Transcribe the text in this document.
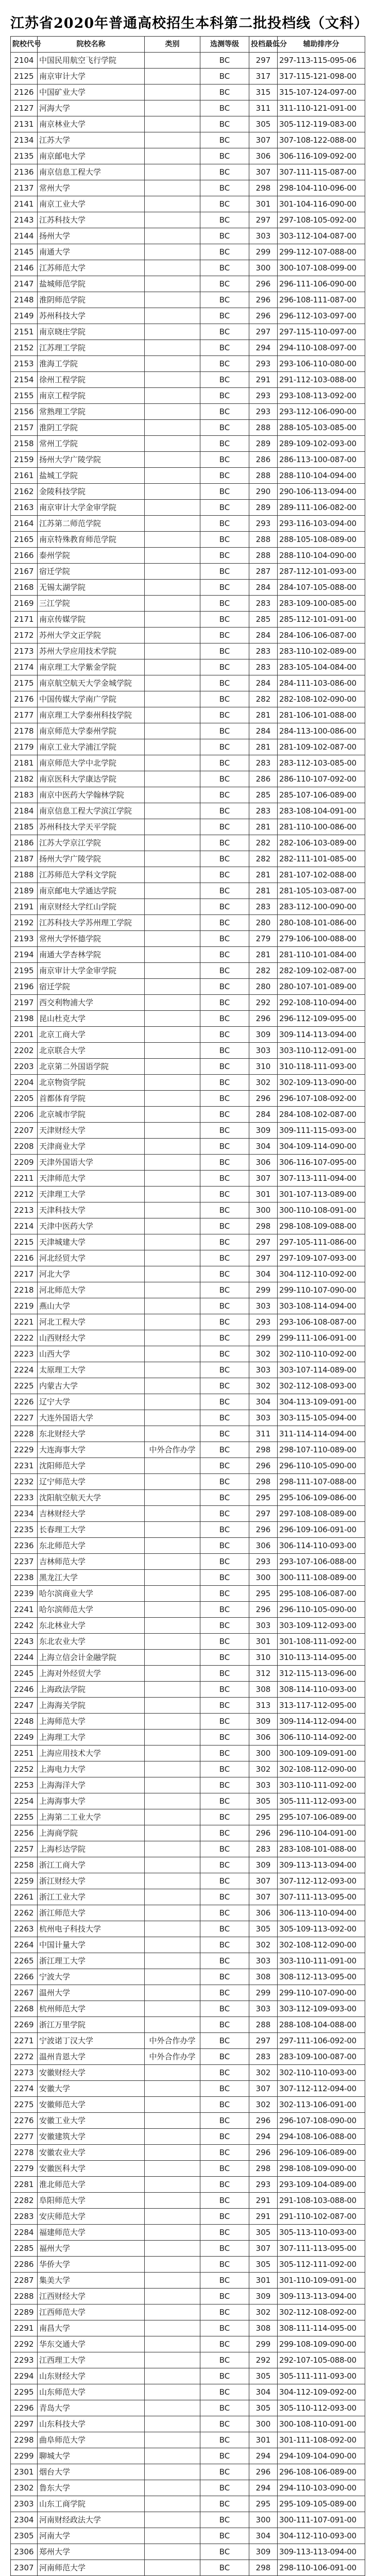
江苏省2020年普通高校招生本科第二批投档线（文科）
院校代号	院校名称	类别	选测等级	投档最低分	辅助排序分
2104	中国民用航空飞行学院		BC	297	297-113-115-095-06
2125	南京审计大学		BC	317	317-115-121-098-00
2126	中国矿业大学		BC	315	315-107-124-097-00
2127	河海大学		BC	311	311-110-121-091-00
2131	南京林业大学		BC	305	305-112-119-083-00
2134	江苏大学		BC	307	307-108-122-088-00
2135	南京邮电大学		BC	306	306-116-109-092-00
2136	南京信息工程大学		BC	307	307-111-115-087-00
2137	常州大学		BC	298	298-104-110-096-00
2141	南京工业大学		BC	301	301-104-116-090-00
2143	江苏科技大学		BC	297	297-108-105-092-00
2144	扬州大学		BC	303	303-112-104-087-00
2145	南通大学		BC	299	299-112-107-088-00
2146	江苏师范大学		BC	300	300-107-108-099-00
2147	盐城师范学院		BC	296	296-111-106-090-00
2148	淮阴师范学院		BC	296	296-108-111-087-00
2149	苏州科技大学		BC	296	296-112-103-097-00
2151	南京晓庄学院		BC	297	297-115-110-097-00
2152	江苏理工学院		BC	294	294-110-108-097-00
2153	淮海工学院		BC	293	293-106-110-080-00
2154	徐州工程学院		BC	291	291-112-103-088-00
2155	南京工程学院		BC	293	293-108-113-092-00
2156	常熟理工学院		BC	293	293-112-106-090-00
2157	淮阴工学院		BC	288	288-105-103-085-00
2158	常州工学院		BC	289	289-109-102-093-00
2159	扬州大学广陵学院		BC	286	286-113-100-087-00
2161	盐城工学院		BC	288	288-110-104-094-00
2162	金陵科技学院		BC	290	290-106-113-094-00
2163	南京审计大学金审学院		BC	289	289-111-106-082-00
2164	江苏第二师范学院		BC	293	293-116-103-094-00
2165	南京特殊教育师范学院		BC	288	288-105-108-089-00
2166	泰州学院		BC	288	288-110-104-090-00
2167	宿迁学院		BC	287	287-112-101-093-00
2168	无锡太湖学院		BC	284	284-107-105-088-00
2169	三江学院		BC	283	283-109-100-085-00
2171	南京传媒学院		BC	285	285-112-101-091-00
2172	苏州大学文正学院		BC	284	284-106-106-087-00
2173	苏州大学应用技术学院		BC	283	283-110-102-089-00
2174	南京理工大学紫金学院		BC	283	283-105-104-084-00
2175	南京航空航天大学金城学院		BC	284	284-111-103-086-00
2176	中国传媒大学南广学院		BC	282	282-108-102-090-00
2177	南京理工大学泰州科技学院		BC	281	281-106-101-088-00
2178	南京师范大学泰州学院		BC	284	284-113-100-086-00
2179	南京工业大学浦江学院		BC	281	281-109-102-087-00
2181	南京师范大学中北学院		BC	283	283-112-103-085-00
2182	南京医科大学康达学院		BC	286	286-110-107-092-00
2183	南京中医药大学翰林学院		BC	285	285-107-106-089-00
2184	南京信息工程大学滨江学院		BC	283	283-108-104-091-00
2185	苏州科技大学天平学院		BC	281	281-110-100-086-00
2186	江苏大学京江学院		BC	282	282-106-103-089-00
2187	扬州大学广陵学院		BC	282	282-111-101-085-00
2188	江苏师范大学科文学院		BC	281	281-107-102-088-00
2189	南京邮电大学通达学院		BC	281	281-105-103-087-00
2191	南京财经大学红山学院		BC	283	283-112-100-090-00
2192	江苏科技大学苏州理工学院		BC	280	280-108-101-086-00
2193	常州大学怀德学院		BC	279	279-106-100-088-00
2194	南通大学杏林学院		BC	281	281-110-101-084-00
2195	南京审计大学金审学院		BC	282	282-109-102-087-00
2196	宿迁学院		BC	280	280-107-101-089-00
2197	西交利物浦大学		BC	292	292-108-110-094-00
2198	昆山杜克大学		BC	296	296-112-109-095-00
2201	北京工商大学		BC	309	309-114-113-094-00
2202	北京联合大学		BC	303	303-110-112-091-00
2203	北京第二外国语学院		BC	310	310-118-111-093-00
2204	北京物资学院		BC	302	302-109-113-090-00
2205	首都体育学院		BC	296	296-107-108-092-00
2206	北京城市学院		BC	284	284-108-102-087-00
2207	天津财经大学		BC	309	309-111-115-093-00
2208	天津商业大学		BC	304	304-109-114-090-00
2209	天津外国语大学		BC	306	306-116-107-095-00
2211	天津师范大学		BC	307	307-113-111-094-00
2212	天津理工大学		BC	301	301-107-113-089-00
2213	天津科技大学		BC	300	300-110-108-091-00
2214	天津中医药大学		BC	298	298-108-109-088-00
2215	天津城建大学		BC	297	297-105-111-086-00
2216	河北经贸大学		BC	297	297-109-107-093-00
2217	河北大学		BC	304	304-112-110-092-00
2218	河北师范大学		BC	299	299-110-107-090-00
2219	燕山大学		BC	303	303-108-114-094-00
2221	河北工程大学		BC	293	293-106-108-087-00
2222	山西财经大学		BC	299	299-111-106-091-00
2223	山西大学		BC	302	302-110-110-092-00
2224	太原理工大学		BC	303	303-107-114-089-00
2225	内蒙古大学		BC	302	302-112-108-093-00
2226	辽宁大学		BC	304	304-113-109-091-00
2227	大连外国语大学		BC	303	303-115-105-094-00
2228	东北财经大学		BC	311	311-114-114-094-00
2229	大连海事大学	中外合作办学	BC	298	298-107-110-089-00
2231	沈阳师范大学		BC	296	296-110-105-090-00
2232	辽宁师范大学		BC	298	298-111-107-088-00
2233	沈阳航空航天大学		BC	295	295-106-109-086-00
2234	吉林财经大学		BC	297	297-108-108-089-00
2235	长春理工大学		BC	296	296-109-106-091-00
2236	东北师范大学		BC	306	306-114-110-093-00
2237	吉林师范大学		BC	293	293-107-106-088-00
2238	黑龙江大学		BC	300	300-111-108-089-00
2239	哈尔滨商业大学		BC	295	295-108-106-087-00
2241	哈尔滨师范大学		BC	296	296-110-105-090-00
2242	东北林业大学		BC	303	303-109-112-093-00
2243	东北农业大学		BC	301	301-108-111-092-00
2244	上海立信会计金融学院		BC	310	310-113-114-095-00
2245	上海对外经贸大学		BC	312	312-115-113-096-00
2246	上海政法学院		BC	308	308-114-110-093-00
2247	上海海关学院		BC	313	313-117-112-095-00
2248	上海师范大学		BC	309	309-114-112-094-00
2249	上海理工大学		BC	306	306-110-114-092-00
2251	上海应用技术大学		BC	300	300-109-109-091-00
2252	上海电力大学		BC	302	302-108-112-090-00
2253	上海海洋大学		BC	303	303-110-111-092-00
2254	上海海事大学		BC	305	305-111-112-093-00
2255	上海第二工业大学		BC	295	295-107-106-089-00
2256	上海商学院		BC	296	296-110-104-091-00
2257	上海杉达学院		BC	283	283-108-101-088-00
2258	浙江工商大学		BC	309	309-113-113-094-00
2259	浙江财经大学		BC	307	307-112-112-093-00
2261	浙江工业大学		BC	307	307-111-113-095-00
2262	浙江师范大学		BC	306	306-113-110-094-00
2263	杭州电子科技大学		BC	305	305-109-113-092-00
2264	中国计量大学		BC	302	302-108-112-090-00
2265	浙江理工大学		BC	303	303-110-111-091-00
2266	宁波大学		BC	308	308-112-113-095-00
2267	温州大学		BC	299	299-110-107-090-00
2268	杭州师范大学		BC	303	303-112-109-093-00
2269	浙江万里学院		BC	288	288-108-104-088-00
2271	宁波诺丁汉大学	中外合作办学	BC	297	297-111-106-092-00
2272	温州肯恩大学	中外合作办学	BC	283	283-109-100-087-00
2273	安徽财经大学		BC	302	302-110-110-093-00
2274	安徽大学		BC	307	307-112-112-094-00
2275	安徽师范大学		BC	302	302-113-106-091-00
2276	安徽工业大学		BC	296	296-107-108-090-00
2277	安徽建筑大学		BC	294	294-108-106-088-00
2278	安徽农业大学		BC	296	296-109-106-089-00
2279	安徽医科大学		BC	298	298-108-109-090-00
2281	淮北师范大学		BC	293	293-109-104-089-00
2282	阜阳师范大学		BC	291	291-108-103-088-00
2283	安庆师范大学		BC	291	291-110-102-087-00
2284	福建师范大学		BC	305	305-113-110-093-00
2285	福州大学		BC	307	307-111-113-095-00
2286	华侨大学		BC	305	305-112-111-092-00
2287	集美大学		BC	301	301-110-109-091-00
2288	江西财经大学		BC	309	309-113-113-094-00
2289	江西师范大学		BC	302	302-112-108-092-00
2291	南昌大学		BC	308	308-111-114-095-00
2292	华东交通大学		BC	299	299-108-109-090-00
2293	江西理工大学		BC	292	292-107-105-088-00
2294	山东财经大学		BC	305	305-111-111-093-00
2295	山东师范大学		BC	304	304-112-109-092-00
2296	青岛大学		BC	305	305-110-112-093-00
2297	山东科技大学		BC	300	300-108-110-091-00
2298	曲阜师范大学		BC	301	301-111-108-092-00
2299	聊城大学		BC	294	294-109-104-090-00
2301	烟台大学		BC	296	296-108-106-089-00
2302	鲁东大学		BC	294	294-110-103-090-00
2303	山东工商学院		BC	295	295-109-105-089-00
2304	河南财经政法大学		BC	300	300-111-107-091-00
2305	河南大学		BC	304	304-112-110-093-00
2306	郑州大学		BC	309	309-113-113-094-00
2307	河南师范大学		BC	298	298-110-106-091-00
